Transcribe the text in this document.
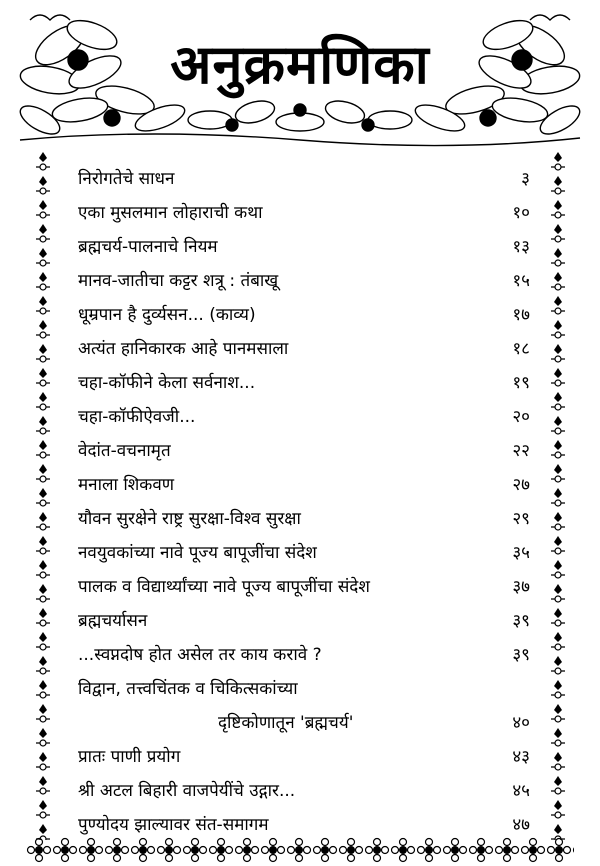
अनुक्रमणिका
निरोगतेचे साधन	३
एका मुसलमान लोहाराची कथा	१०
ब्रह्मचर्य-पालनाचे नियम	१३
मानव-जातीचा कट्टर शत्रू : तंबाखू	१५
धूम्रपान है दुर्व्यसन... (काव्य)	१७
अत्यंत हानिकारक आहे पानमसाला	१८
चहा-कॉफीने केला सर्वनाश...	१९
चहा-कॉफीऐवजी...	२०
वेदांत-वचनामृत	२२
मनाला शिकवण	२७
यौवन सुरक्षेने राष्ट्र सुरक्षा-विश्व सुरक्षा	२९
नवयुवकांच्या नावे पूज्य बापूजींचा संदेश	३५
पालक व विद्यार्थ्यांच्या नावे पूज्य बापूजींचा संदेश	३७
ब्रह्मचर्यासन	३९
...स्वप्नदोष होत असेल तर काय करावे ?	३९
विद्वान, तत्त्वचिंतक व चिकित्सकांच्या
दृष्टिकोणातून 'ब्रह्मचर्य'	४०
प्रातः पाणी प्रयोग	४३
श्री अटल बिहारी वाजपेयींचे उद्गार...	४५
पुण्योदय झाल्यावर संत-समागम	४७
